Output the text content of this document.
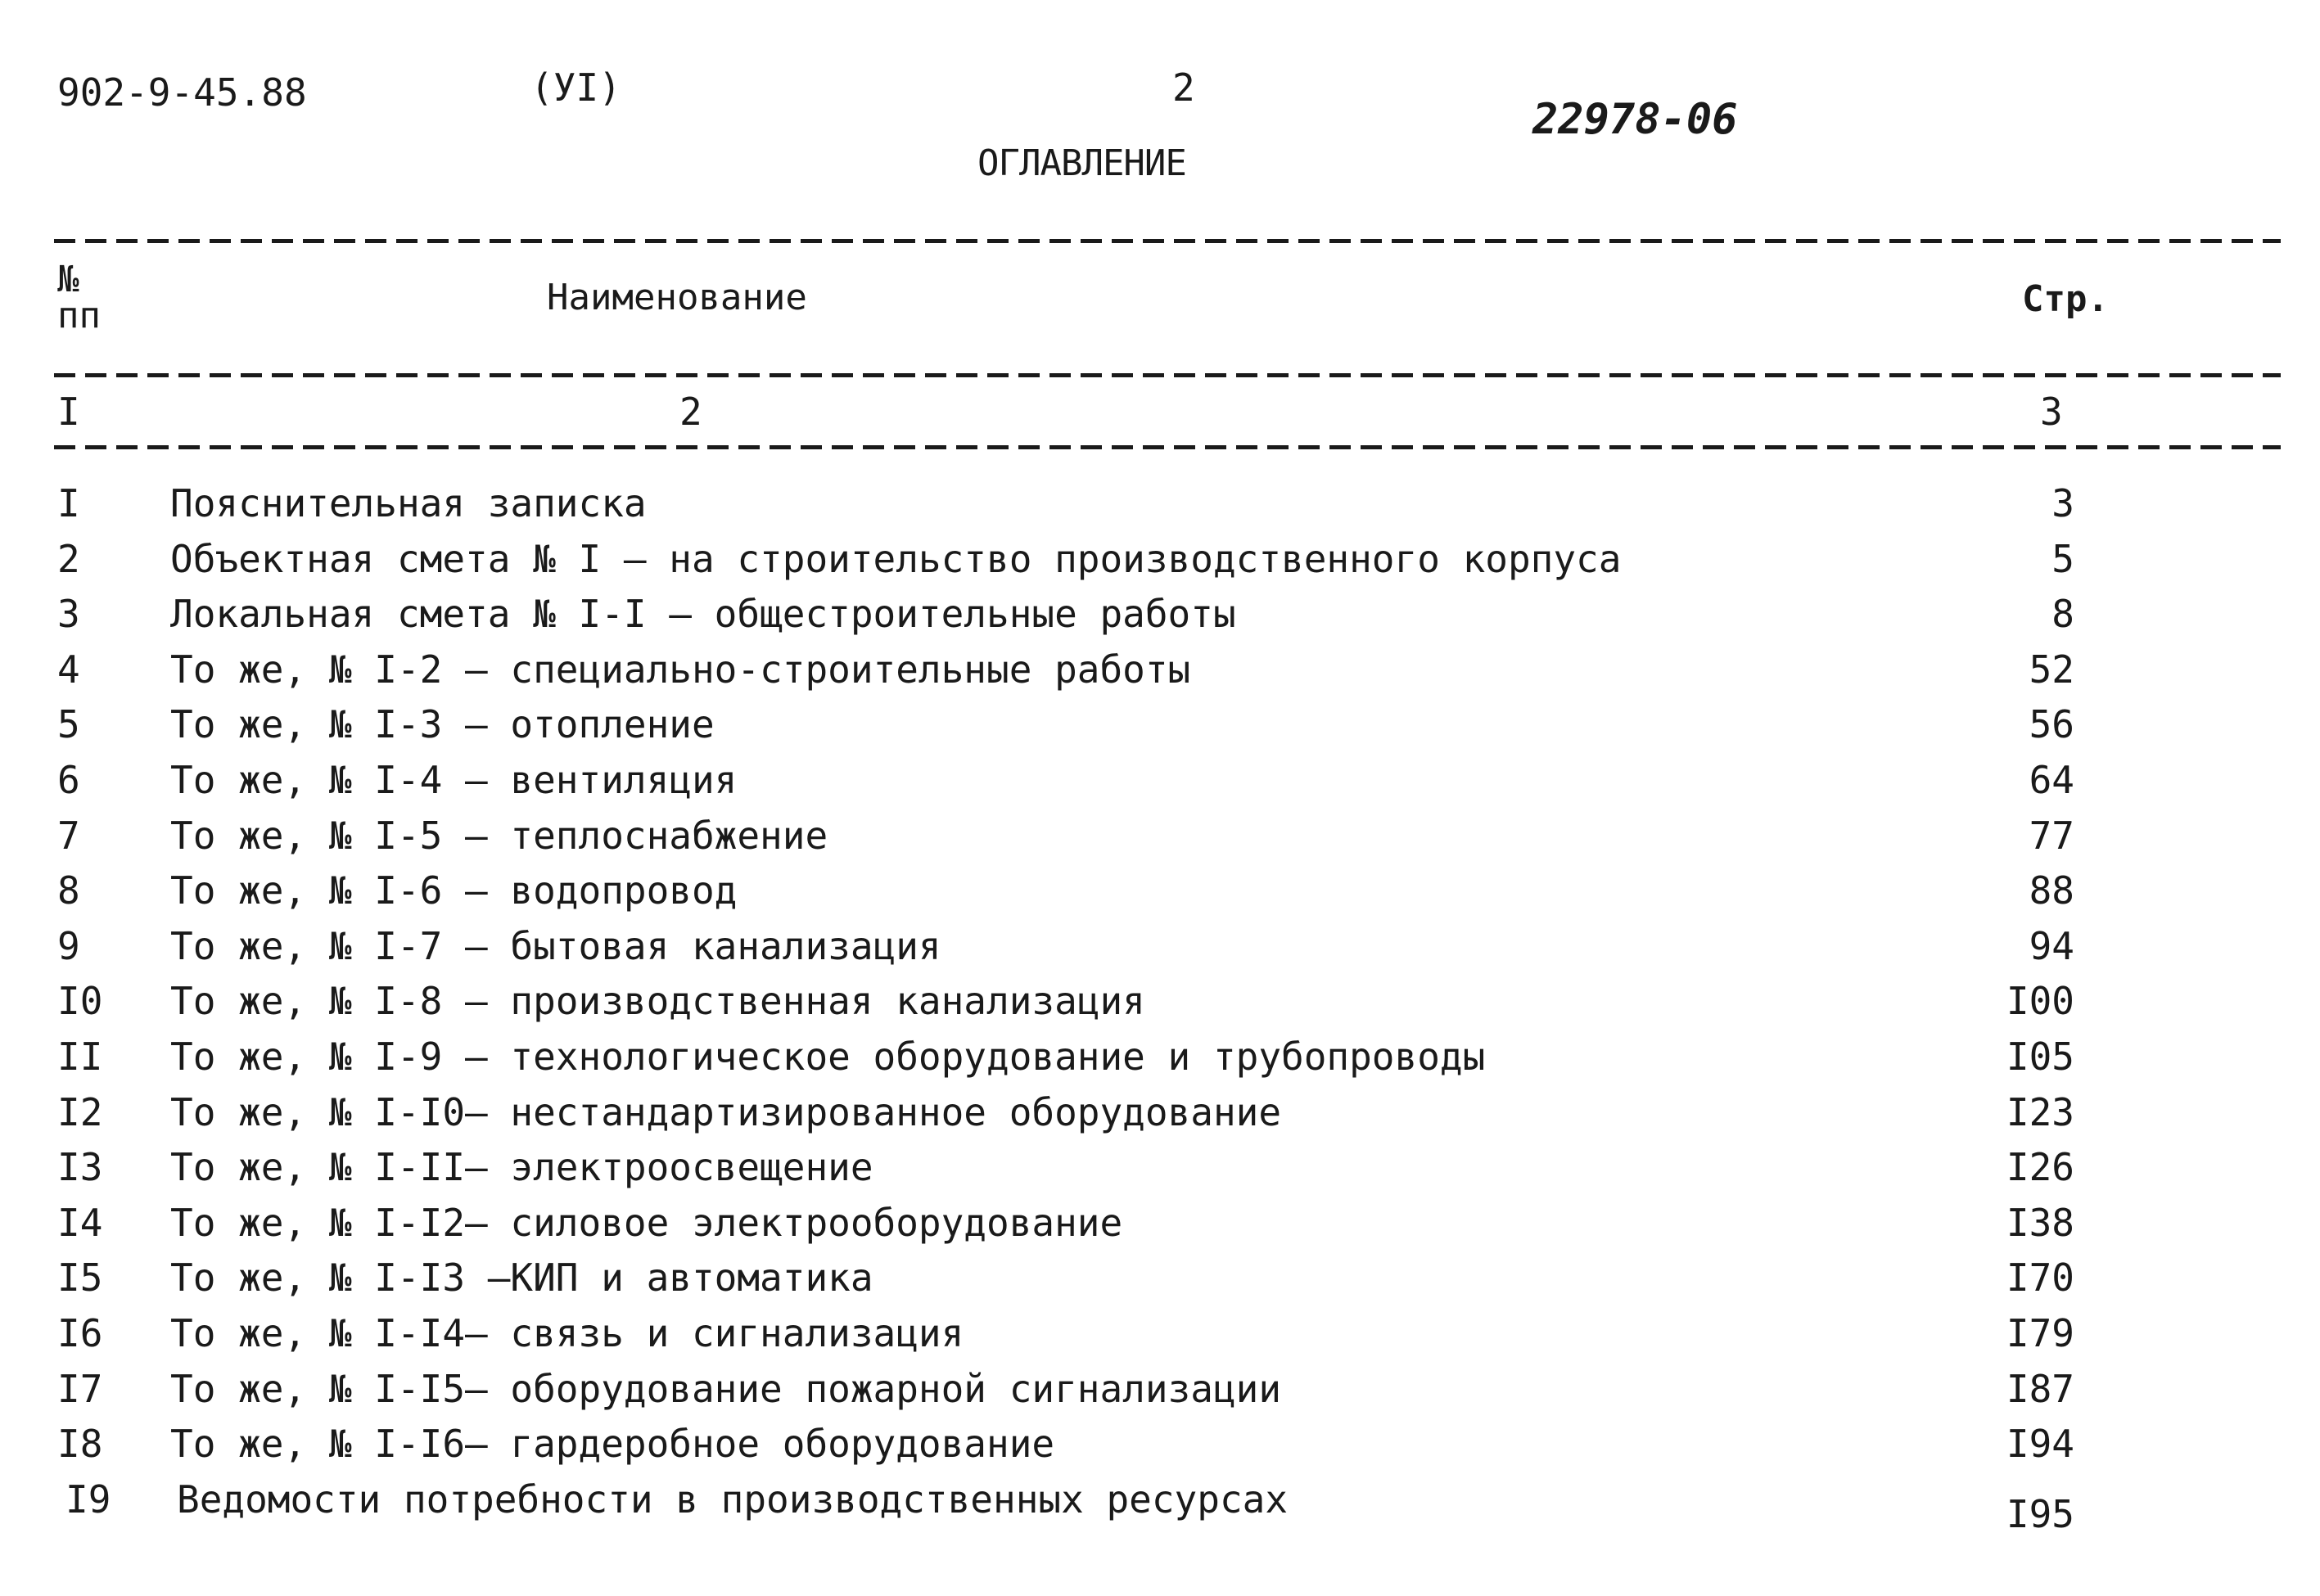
902-9-45.88	(УI)	2
22978-06
ОГЛАВЛЕНИЕ
№
пп	Наименование	Стр.
I	2	3
I Пояснительная записка	3
2 Объектная смета № I – на строительство производственного корпуса	5
3 Локальная смета № I-I – общестроительные работы	8
4 То же, № I-2 – специально-строительные работы	52
5 То же, № I-3 – отопление	56
6 То же, № I-4 – вентиляция	64
7 То же, № I-5 – теплоснабжение	77
8 То же, № I-6 – водопровод	88
9 То же, № I-7 – бытовая канализация	94
I0 То же, № I-8 – производственная канализация	I00
II То же, № I-9 – технологическое оборудование и трубопроводы	I05
I2 То же, № I-I0– нестандартизированное оборудование	I23
I3 То же, № I-II– электроосвещение	I26
I4 То же, № I-I2– силовое электрооборудование	I38
I5 То же, № I-I3 –КИП и автоматика	I70
I6 То же, № I-I4– связь и сигнализация	I79
I7 То же, № I-I5– оборудование пожарной сигнализации	I87
I8 То же, № I-I6– гардеробное оборудование	I94
I9 Ведомости потребности в производственных ресурсах	I95
